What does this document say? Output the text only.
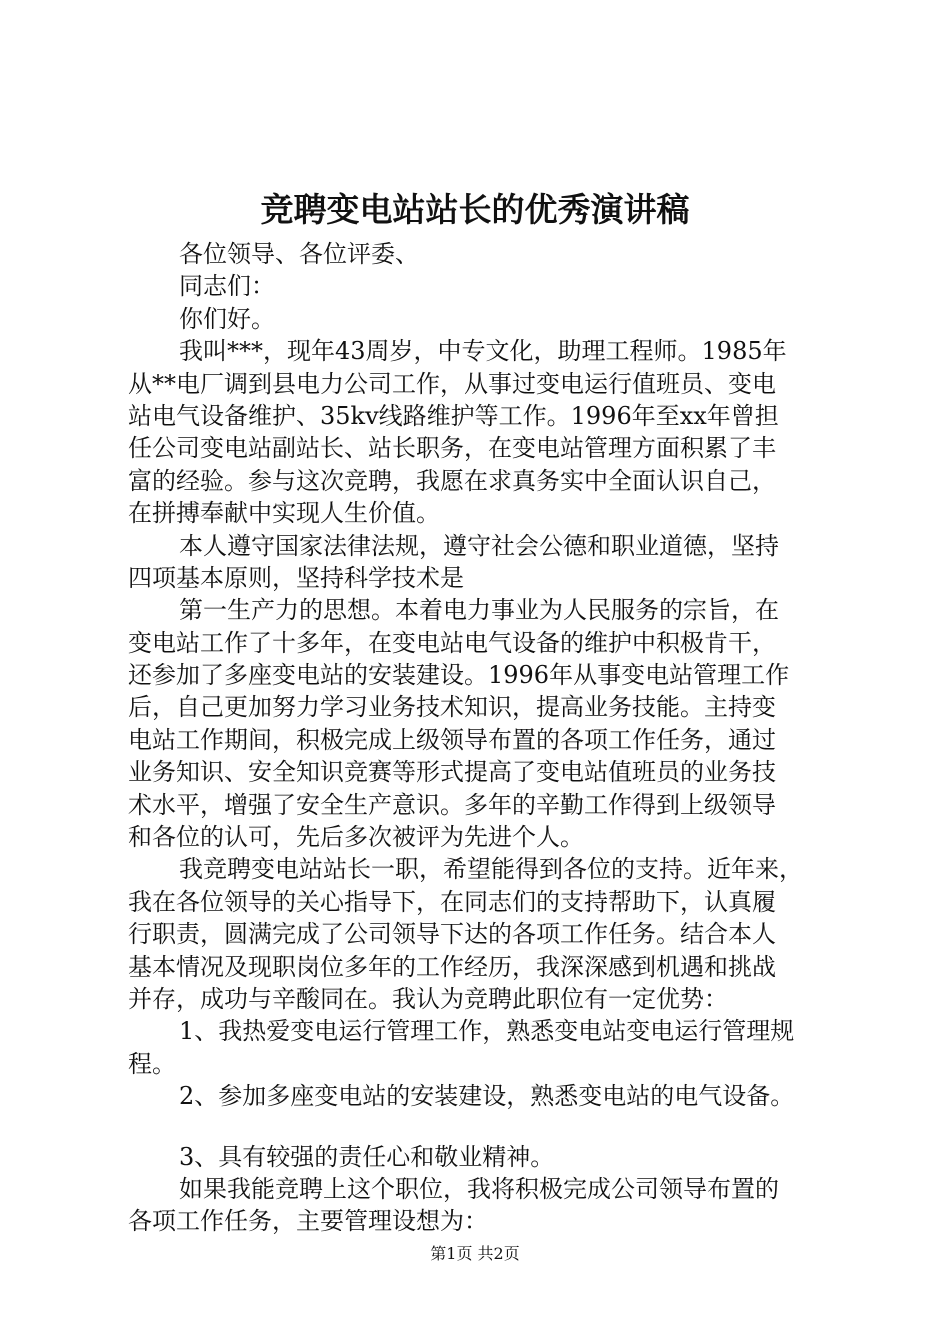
竞聘变电站站长的优秀演讲稿
各位领导、各位评委、
同志们：
你们好。
我叫***，现年43周岁，中专文化，助理工程师。1985年
从**电厂调到县电力公司工作，从事过变电运行值班员、变电
站电气设备维护、35kv线路维护等工作。1996年至xx年曾担
任公司变电站副站长、站长职务，在变电站管理方面积累了丰
富的经验。参与这次竞聘，我愿在求真务实中全面认识自己，
在拼搏奉献中实现人生价值。
本人遵守国家法律法规，遵守社会公德和职业道德，坚持
四项基本原则，坚持科学技术是
第一生产力的思想。本着电力事业为人民服务的宗旨，在
变电站工作了十多年，在变电站电气设备的维护中积极肯干，
还参加了多座变电站的安装建设。1996年从事变电站管理工作
后，自己更加努力学习业务技术知识，提高业务技能。主持变
电站工作期间，积极完成上级领导布置的各项工作任务，通过
业务知识、安全知识竞赛等形式提高了变电站值班员的业务技
术水平，增强了安全生产意识。多年的辛勤工作得到上级领导
和各位的认可，先后多次被评为先进个人。
我竞聘变电站站长一职，希望能得到各位的支持。近年来，
我在各位领导的关心指导下，在同志们的支持帮助下，认真履
行职责，圆满完成了公司领导下达的各项工作任务。结合本人
基本情况及现职岗位多年的工作经历，我深深感到机遇和挑战
并存，成功与辛酸同在。我认为竞聘此职位有一定优势：
1、我热爱变电运行管理工作，熟悉变电站变电运行管理规
程。
2、参加多座变电站的安装建设，熟悉变电站的电气设备。
3、具有较强的责任心和敬业精神。
如果我能竞聘上这个职位，我将积极完成公司领导布置的
各项工作任务，主要管理设想为：
第1页 共2页
